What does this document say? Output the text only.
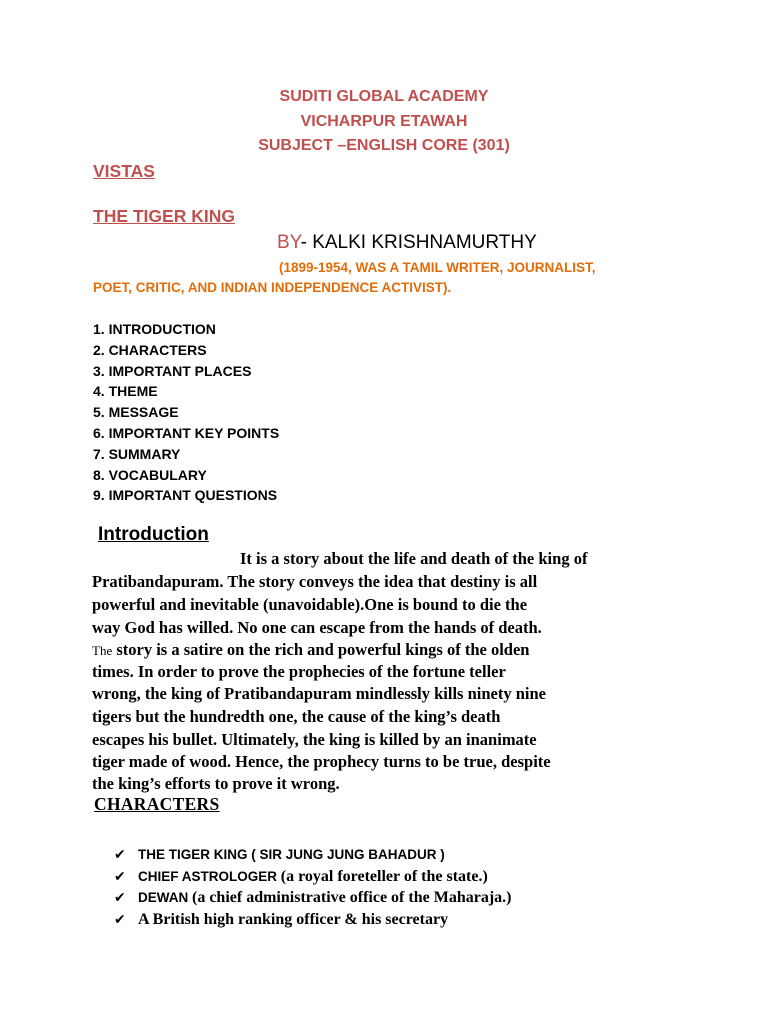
SUDITI GLOBAL ACADEMY
VICHARPUR ETAWAH
SUBJECT –ENGLISH CORE (301)
VISTAS
THE TIGER KING
BY- KALKI KRISHNAMURTHY
(1899-1954, WAS A TAMIL WRITER, JOURNALIST,
POET, CRITIC, AND INDIAN INDEPENDENCE ACTIVIST).
1. INTRODUCTION
2. CHARACTERS
3. IMPORTANT PLACES
4. THEME
5. MESSAGE
6. IMPORTANT KEY POINTS
7. SUMMARY
8. VOCABULARY
9. IMPORTANT QUESTIONS
Introduction
It is a story about the life and death of the king of
Pratibandapuram. The story conveys the idea that destiny is all
powerful and inevitable (unavoidable).One is bound to die the
way God has willed. No one can escape from the hands of death.
The story is a satire on the rich and powerful kings of the olden
times. In order to prove the prophecies of the fortune teller
wrong, the king of Pratibandapuram mindlessly kills ninety nine
tigers but the hundredth one, the cause of the king’s death
escapes his bullet. Ultimately, the king is killed by an inanimate
tiger made of wood. Hence, the prophecy turns to be true, despite
the king’s efforts to prove it wrong.
CHARACTERS
✔ THE TIGER KING ( SIR JUNG JUNG BAHADUR )
✔ CHIEF ASTROLOGER (a royal foreteller of the state.)
✔ DEWAN (a chief administrative office of the Maharaja.)
✔ A British high ranking officer & his secretary
